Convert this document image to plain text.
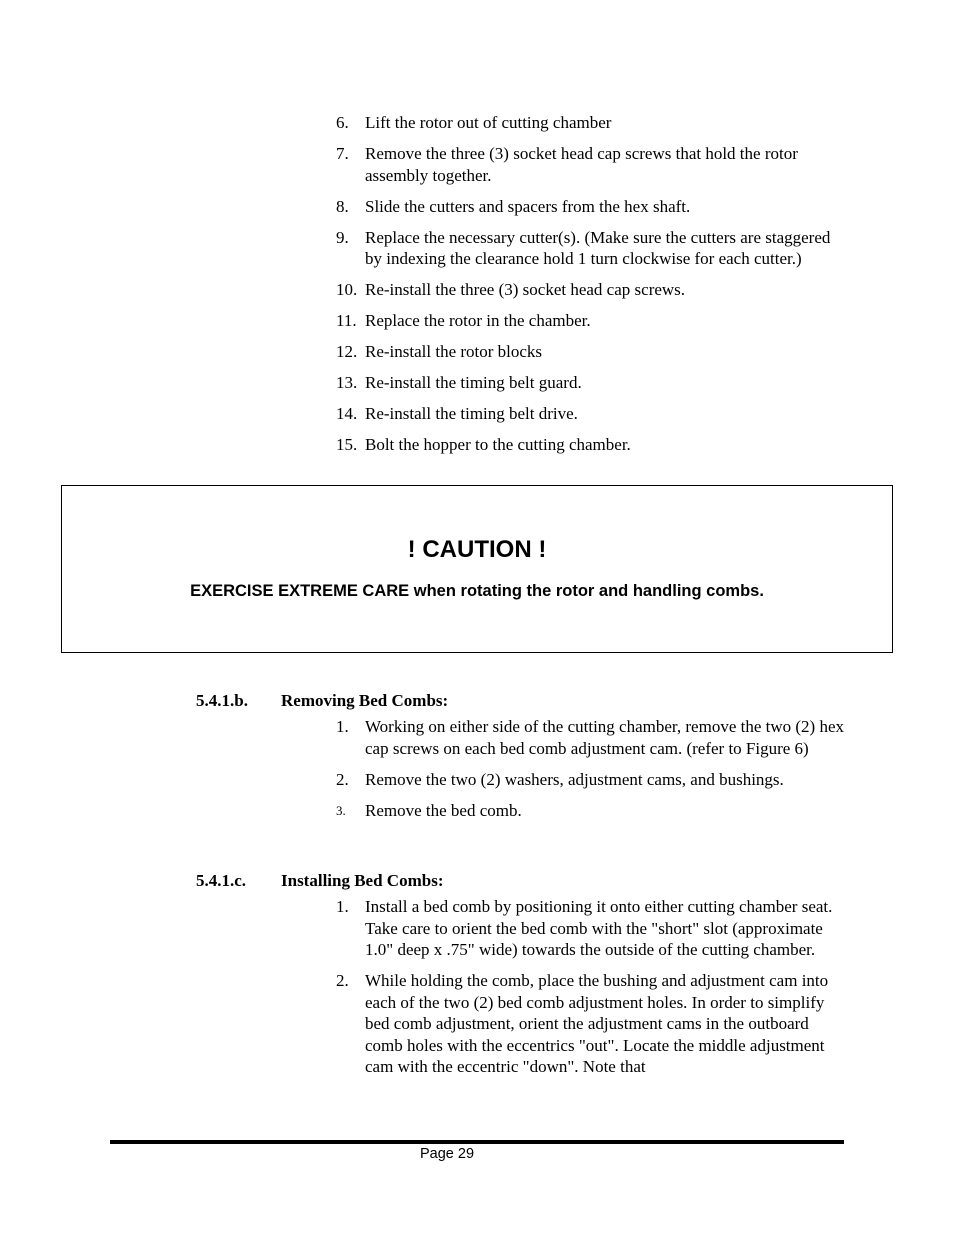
6. Lift the rotor out of cutting chamber
7. Remove the three (3) socket head cap screws that hold the rotor assembly together.
8. Slide the cutters and spacers from the hex shaft.
9. Replace the necessary cutter(s). (Make sure the cutters are staggered by indexing the clearance hold 1 turn clockwise for each cutter.)
10. Re-install the three (3) socket head cap screws.
11. Replace the rotor in the chamber.
12. Re-install the rotor blocks
13. Re-install the timing belt guard.
14. Re-install the timing belt drive.
15. Bolt the hopper to the cutting chamber.
! CAUTION !
EXERCISE EXTREME CARE when rotating the rotor and handling combs.
5.4.1.b. Removing Bed Combs:
1. Working on either side of the cutting chamber, remove the two (2) hex cap screws on each bed comb adjustment cam. (refer to Figure 6)
2. Remove the two (2) washers, adjustment cams, and bushings.
3.	Remove the bed comb.
5.4.1.c. Installing Bed Combs:
1. Install a bed comb by positioning it onto either cutting chamber seat. Take care to orient the bed comb with the "short" slot (approximate 1.0" deep x .75" wide) towards the outside of the cutting chamber.
2. While holding the comb, place the bushing and adjustment cam into each of the two (2) bed comb adjustment holes. In order to simplify bed comb adjustment, orient the adjustment cams in the outboard comb holes with the eccentrics "out". Locate the middle adjustment cam with the eccentric "down". Note that
Page 29
